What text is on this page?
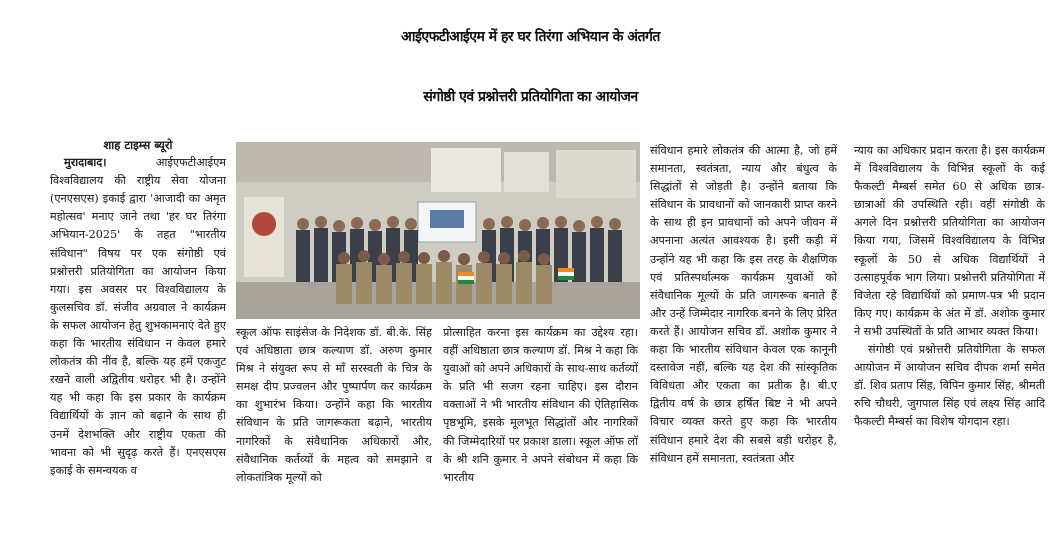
आईएफटीआईएम में हर घर तिरंगा अभियान के अंतर्गत
संगोष्ठी एवं प्रश्नोत्तरी प्रतियोगिता का आयोजन

शाह टाइम्स ब्यूरो

मुरादाबाद।	आईएफटीआईएम विश्वविद्यालय की राष्ट्रीय सेवा योजना (एनएसएस) इकाई द्वारा 'आजादी का अमृत महोत्सव' मनाए जाने तथा 'हर घर तिरंगा अभियान-2025' के तहत "भारतीय संविधान" विषय पर एक संगोष्ठी एवं प्रश्नोत्तरी प्रतियोगिता का आयोजन किया गया। इस अवसर पर विश्वविद्यालय के कुलसचिव डॉ. संजीव अग्रवाल ने कार्यक्रम के सफल आयोजन हेतु शुभकामनाएं देते हुए कहा कि भारतीय संविधान न केवल हमारे लोकतंत्र की नींव है, बल्कि यह हमें एकजुट रखने वाली अद्वितीय धरोहर भी है। उन्होंने यह भी कहा कि इस प्रकार के कार्यक्रम विद्यार्थियों के ज्ञान को बढ़ाने के साथ ही उनमें देशभक्ति और राष्ट्रीय एकता की भावना को भी सुदृढ़ करते हैं। एनएसएस इकाई के समन्वयक व

स्कूल ऑफ साइंसेज के निदेशक डॉ. बी.के. सिंह एवं अधिष्ठाता छात्र कल्याण डॉ. अरुण कुमार मिश्र ने संयुक्त रूप से माँ सरस्वती के चित्र के समक्ष दीप प्रज्वलन और पुष्पार्पण कर कार्यक्रम का शुभारंभ किया। उन्होंने कहा कि भारतीय संविधान के प्रति जागरूकता बढ़ाने, भारतीय नागरिकों के संवैधानिक अधिकारों और, संवैधानिक कर्तव्यों के महत्व को समझाने व लोकतांत्रिक मूल्यों को

प्रोत्साहित करना इस कार्यक्रम का उद्देश्य रहा। वहीं अधिष्ठाता छात्र कल्याण डॉ. मिश्र ने कहा कि युवाओं को अपने अधिकारों के साथ-साथ कर्तव्यों के प्रति भी सजग रहना चाहिए। इस दौरान वक्ताओं ने भी भारतीय संविधान की ऐतिहासिक पृष्ठभूमि, इसके मूलभूत सिद्धांतों और नागरिकों की जिम्मेदारियों पर प्रकाश डाला। स्कूल ऑफ लॉ के श्री शनि कुमार ने अपने संबोधन में कहा कि भारतीय

संविधान हमारे लोकतंत्र की आत्मा है, जो हमें समानता, स्वतंत्रता, न्याय और बंधुत्व के सिद्धांतों से जोड़ती है। उन्होंने बताया कि संविधान के प्रावधानों को जानकारी प्राप्त करने के साथ ही इन प्रावधानों को अपने जीवन में अपनाना अत्यंत आवश्यक है। इसी कड़ी में उन्होंने यह भी कहा कि इस तरह के शैक्षणिक एवं प्रतिस्पर्धात्मक कार्यक्रम युवाओं को संवैधानिक मूल्यों के प्रति जागरूक बनाते हैं और उन्हें जिम्मेदार नागरिक बनने के लिए प्रेरित करते हैं। आयोजन सचिव डॉ. अशोक कुमार ने कहा कि भारतीय संविधान केवल एक कानूनी दस्तावेज नहीं, बल्कि यह देश की सांस्कृतिक विविधता और एकता का प्रतीक है। बी.ए द्वितीय वर्ष के छात्र हर्षित बिष्ट ने भी अपने विचार व्यक्त करते हुए कहा कि भारतीय संविधान हमारे देश की सबसे बड़ी धरोहर है, संविधान हमें समानता, स्वतंत्रता और

न्याय का अधिकार प्रदान करता है। इस कार्यक्रम में विश्वविद्यालय के विभिन्न स्कूलों के कई फैकल्टी मैम्बर्स समेत 60 से अधिक छात्र-छात्राओं की उपस्थिति रही। वहीं संगोष्ठी के अगले दिन प्रश्नोत्तरी प्रतियोगिता का आयोजन किया गया, जिसमें विश्वविद्यालय के विभिन्न स्कूलों के 50 से अधिक विद्यार्थियों ने उत्साहपूर्वक भाग लिया। प्रश्नोत्तरी प्रतियोगिता में विजेता रहे विद्यार्थियों को प्रमाण-पत्र भी प्रदान किए गए। कार्यक्रम के अंत में डॉ. अशोक कुमार ने सभी उपस्थितों के प्रति आभार व्यक्त किया।

संगोष्ठी एवं प्रश्नोत्तरी प्रतियोगिता के सफल आयोजन में आयोजन सचिव दीपक शर्मा समेत डॉ. शिव प्रताप सिंह, विपिन कुमार सिंह, श्रीमती रुचि चौधरी, जुगपाल सिंह एवं लक्ष्य सिंह आदि फैकल्टी मैम्बर्स का विशेष योगदान रहा।
